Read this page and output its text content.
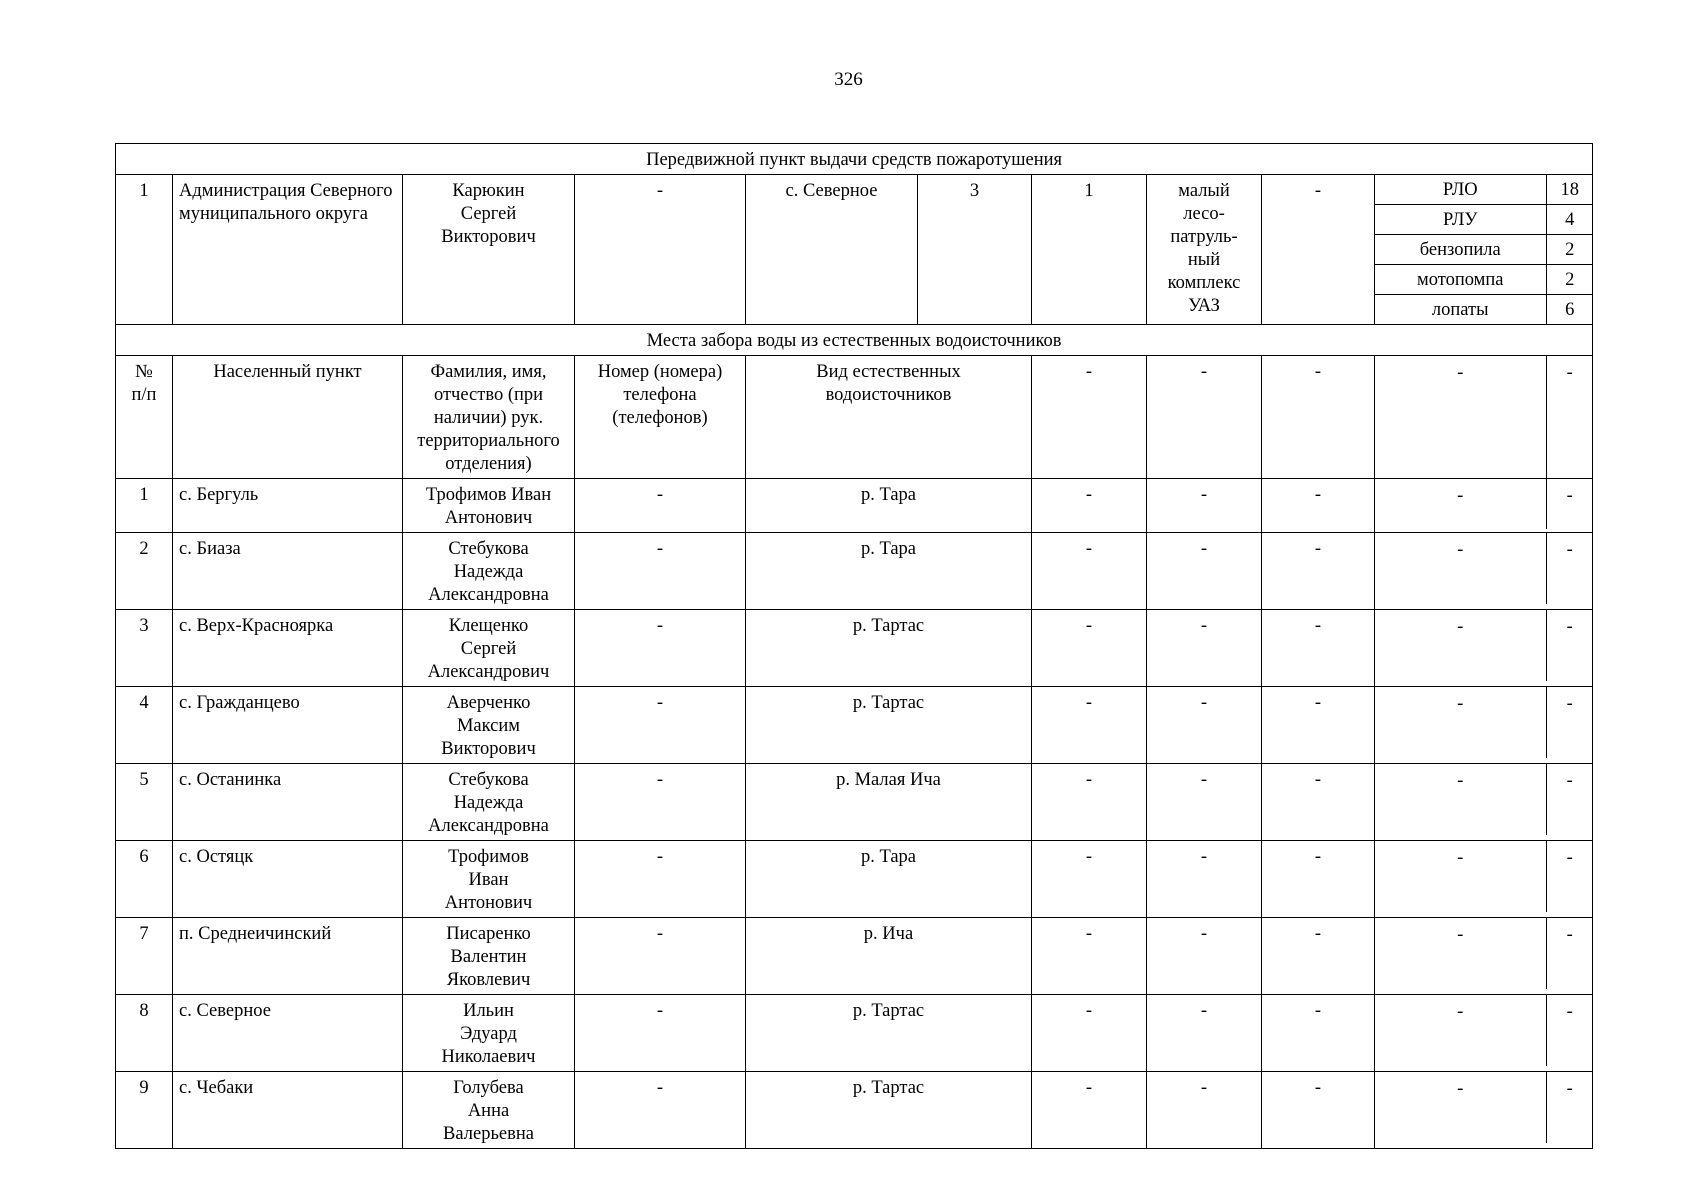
326
Передвижной пункт выдачи средств пожаротушения
1	Администрация Северного муниципального округа	Карюкин
Сергей
Викторович	-	с. Северное	3	1	малый
лесо-
патруль-
ный
комплекс
УАЗ	-		РЛО	18
РЛУ	4
бензопила	2
мотопомпа	2
лопаты	6

Места забора воды из естественных водоисточников
№
п/п	Населенный пункт	Фамилия, имя,
отчество (при
наличии) рук.
территориального
отделения)	Номер (номера)
телефона
(телефонов)	Вид естественных
водоисточников	-	-	-		-	-

1	с. Бергуль	Трофимов Иван
Антонович	-	р. Тара	-	-	-		-	-

2	с. Биаза	Стебукова
Надежда
Александровна	-	р. Тара	-	-	-		-	-

3	с. Верх-Красноярка	Клещенко
Сергей
Александрович	-	р. Тартас	-	-	-		-	-

4	с. Гражданцево	Аверченко
Максим
Викторович	-	р. Тартас	-	-	-		-	-

5	с. Останинка	Стебукова
Надежда
Александровна	-	р. Малая Ича	-	-	-		-	-

6	с. Остяцк	Трофимов
Иван
Антонович	-	р. Тара	-	-	-		-	-

7	п. Среднеичинский	Писаренко
Валентин
Яковлевич	-	р. Ича	-	-	-		-	-

8	с. Северное	Ильин
Эдуард
Николаевич	-	р. Тартас	-	-	-		-	-

9	с. Чебаки	Голубева
Анна
Валерьевна	-	р. Тартас	-	-	-		-	-
